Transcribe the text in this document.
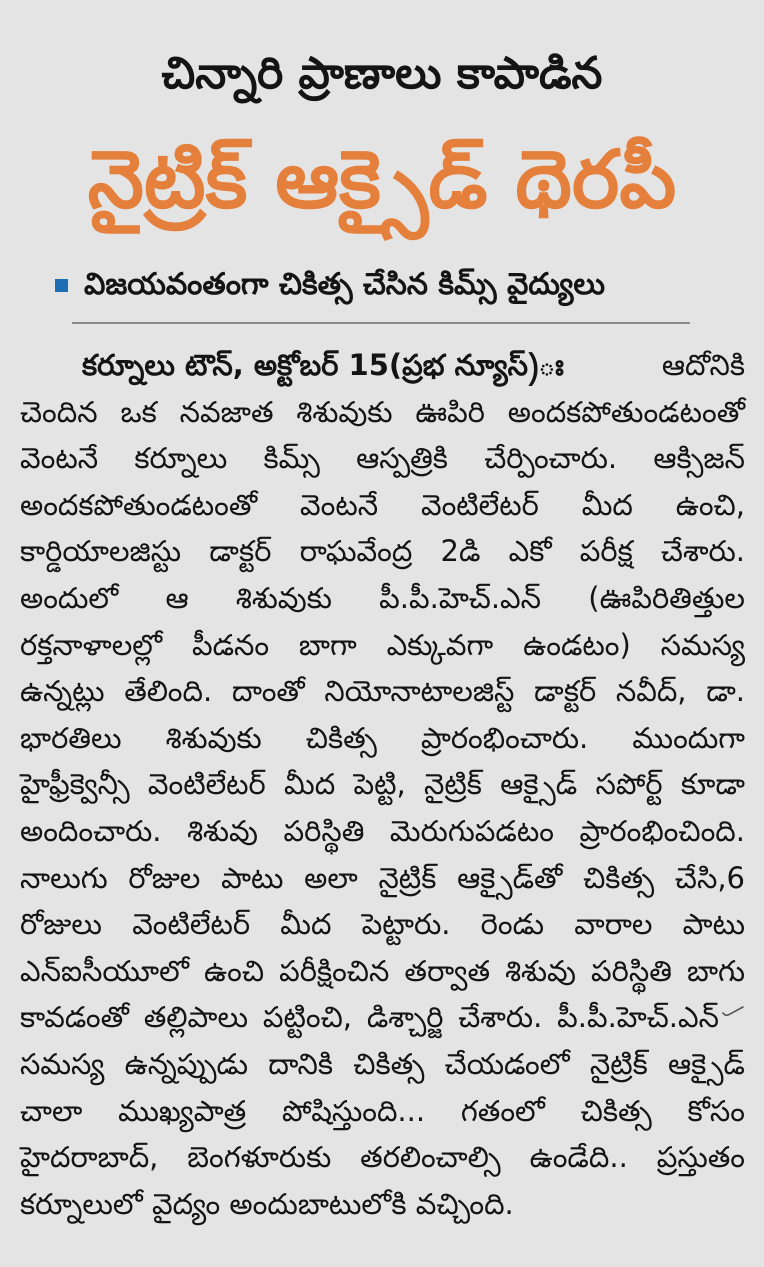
చిన్నారి ప్రాణాలు కాపాడిన
నైట్రిక్ ఆక్సైడ్ థెరపీ
విజయవంతంగా చికిత్స చేసిన కిమ్స్ వైద్యులు
కర్నూలు టౌన్, అక్టోబర్ 15(ప్రభ న్యూస్)ః	ఆదోనికి
చెందిన ఒక నవజాత శిశువుకు ఊపిరి అందకపోతుండటంతో
వెంటనే కర్నూలు కిమ్స్ ఆస్పత్రికి చేర్పించారు. ఆక్సిజన్
అందకపోతుండటంతో వెంటనే వెంటిలేటర్ మీద ఉంచి,
కార్డియాలజిస్టు డాక్టర్ రాఘవేంద్ర 2డి ఎకో పరీక్ష చేశారు.
అందులో ఆ శిశువుకు పీ.పీ.హెచ్.ఎన్ (ఊపిరితిత్తుల
రక్తనాళాలల్లో పీడనం బాగా ఎక్కువగా ఉండటం) సమస్య
ఉన్నట్లు తేలింది. దాంతో నియోనాటాలజిస్ట్ డాక్టర్ నవీద్, డా.
భారతిలు శిశువుకు చికిత్స ప్రారంభించారు. ముందుగా
హైఫ్రీక్వెన్సీ వెంటిలేటర్ మీద పెట్టి, నైట్రిక్ ఆక్సైడ్ సపోర్ట్ కూడా
అందించారు. శిశువు పరిస్థితి మెరుగుపడటం ప్రారంభించింది.
నాలుగు రోజుల పాటు అలా నైట్రిక్ ఆక్సైడ్‌తో చికిత్స చేసి,6
రోజులు వెంటిలేటర్ మీద పెట్టారు. రెండు వారాల పాటు
ఎన్ఐసీయూలో ఉంచి పరీక్షించిన తర్వాత శిశువు పరిస్థితి బాగు
కావడంతో తల్లిపాలు పట్టించి, డిశ్చార్జి చేశారు. పీ.పీ.హెచ్.ఎన్
సమస్య ఉన్నప్పుడు దానికి చికిత్స చేయడంలో నైట్రిక్ ఆక్సైడ్
చాలా ముఖ్యపాత్ర పోషిస్తుంది... గతంలో చికిత్స కోసం
హైదరాబాద్, బెంగళూరుకు తరలించాల్సి ఉండేది.. ప్రస్తుతం
కర్నూలులో వైద్యం అందుబాటులోకి వచ్చింది.
